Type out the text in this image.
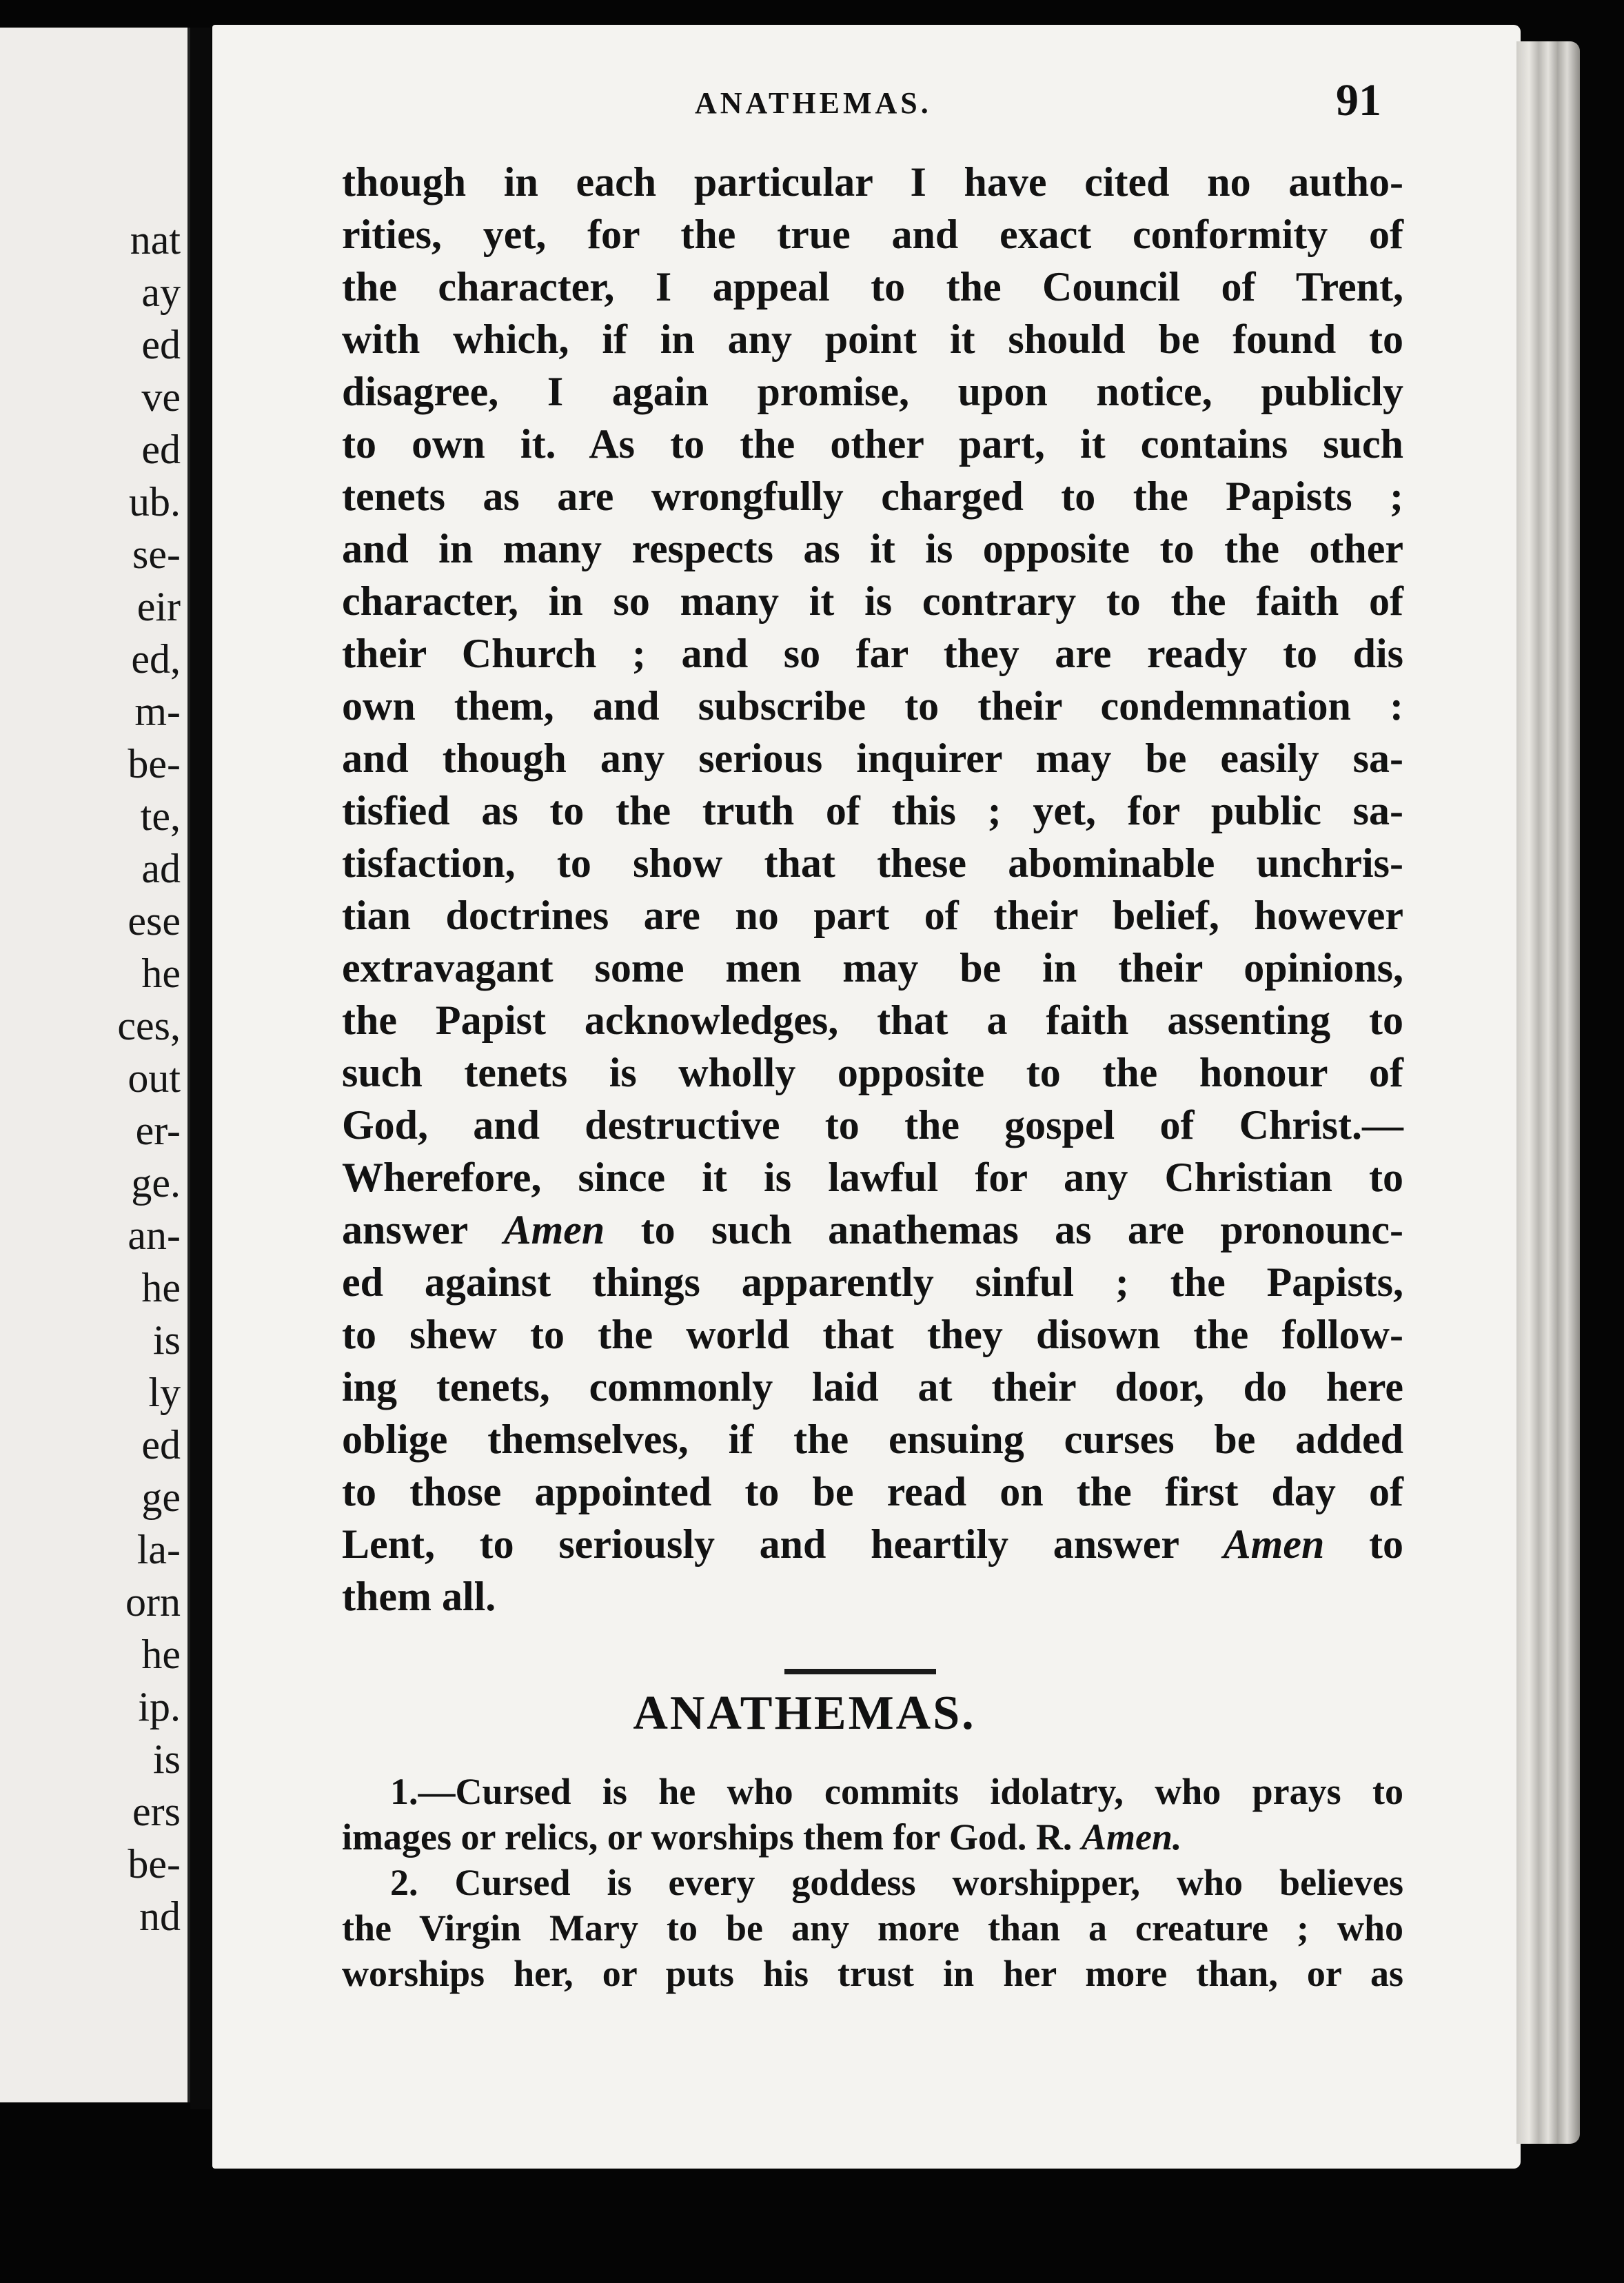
nat
ay
ed
ve
ed
ub.
se-
eir
ed,
m-
be-
te,
ad
ese
he
ces,
out
er-
ge.
an-
he
is
ly
ed
ge
la-
orn
he
ip.
is
ers
be-
nd
ANATHEMAS.	91
though in each particular I have cited no autho-
rities, yet, for the true and exact conformity of
the character, I appeal to the Council of Trent,
with which, if in any point it should be found to
disagree, I again promise, upon notice, publicly
to own it. As to the other part, it contains such
tenets as are wrongfully charged to the Papists ;
and in many respects as it is opposite to the other
character, in so many it is contrary to the faith of
their Church ; and so far they are ready to dis
own them, and subscribe to their condemnation :
and though any serious inquirer may be easily sa-
tisfied as to the truth of this ; yet, for public sa-
tisfaction, to show that these abominable unchris-
tian doctrines are no part of their belief, however
extravagant some men may be in their opinions,
the Papist acknowledges, that a faith assenting to
such tenets is wholly opposite to the honour of
God, and destructive to the gospel of Christ.—
Wherefore, since it is lawful for any Christian to
answer Amen to such anathemas as are pronounc-
ed against things apparently sinful ; the Papists,
to shew to the world that they disown the follow-
ing tenets, commonly laid at their door, do here
oblige themselves, if the ensuing curses be added
to those appointed to be read on the first day of
Lent, to seriously and heartily answer Amen to
them all.
ANATHEMAS.
1.—Cursed is he who commits idolatry, who prays to
images or relics, or worships them for God. R. Amen.
2. Cursed is every goddess worshipper, who believes
the Virgin Mary to be any more than a creature ; who
worships her, or puts his trust in her more than, or as
